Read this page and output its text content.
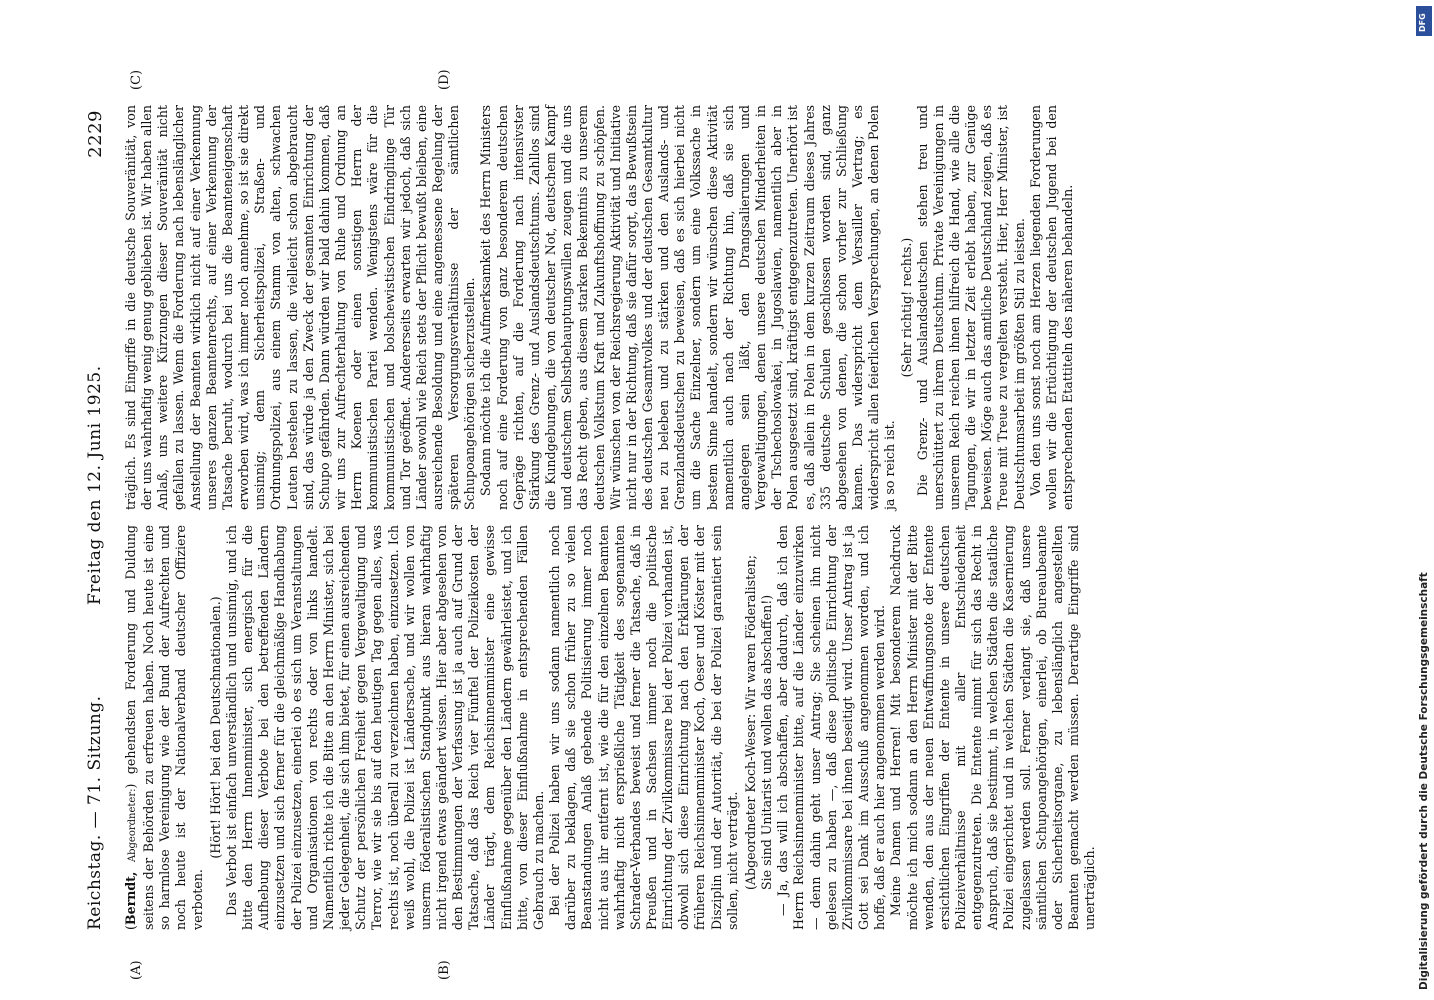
Reichstag. — 71. Sitzung.
Freitag den 12. Juni 1925.
2229
(A)	(B)
(C)	(D)

(Berndt, Abgeordneter:) gehendsten Forderung und Duldung seitens der Behörden zu erfreuen haben. Noch heute ist eine so harmlose Vereinigung wie der Bund der Aufrechten und noch heute ist der Nationalverband deutscher Offiziere verboten.

(Hört! Hört! bei den Deutschnationalen.) Das Verbot ist einfach unverständlich und unsinnig, und ich bitte den Herrn Innenminister, sich energisch für die Aufhebung dieser Verbote bei den betreffenden Ländern einzusetzen und sich ferner für die gleichmäßige Handhabung der Polizei einzusetzen, einerlei ob es sich um Veranstaltungen und Organisationen von rechts oder von links handelt. Namentlich richte ich die Bitte an den Herrn Minister, sich bei jeder Gelegenheit, die sich ihm bietet, für einen ausreichenden Schutz der persönlichen Freiheit gegen Vergewaltigung und Terror, wie wir sie bis auf den heutigen Tag gegen alles, was rechts ist, noch überall zu verzeichnen haben, einzusetzen. Ich weiß wohl, die Polizei ist Ländersache, und wir wollen von unserm föderalistischen Standpunkt aus hieran wahrhaftig nicht irgend etwas geändert wissen. Hier aber abgesehen von den Bestimmungen der Verfassung ist ja auch auf Grund der Tatsache, daß das Reich vier Fünftel der Polizeikosten der Länder trägt, dem Reichsinnenminister eine gewisse Einflußnahme gegenüber den Ländern gewährleistet, und ich bitte, von dieser Einflußnahme in entsprechenden Fällen Gebrauch zu machen. Bei der Polizei haben wir uns sodann namentlich noch darüber zu beklagen, daß sie schon früher zu so vielen Beanstandungen Anlaß gebende Politisierung immer noch nicht aus ihr entfernt ist, wie die für den einzelnen Beamten wahrhaftig nicht ersprießliche Tätigkeit des sogenannten Schrader-Verbandes beweist und ferner die Tatsache, daß in Preußen und in Sachsen immer noch die politische Einrichtung der Zivilkommissare bei der Polizei vorhanden ist, obwohl sich diese Einrichtung nach den Erklärungen der früheren Reichsinnenminister Koch, Oeser und Köster mit der Disziplin und der Autorität, die bei der Polizei garantiert sein sollen, nicht verträgt. (Abgeordneter Koch-Weser: Wir waren Föderalisten; Sie sind Unitarist und wollen das abschaffen!) — Ja, das will ich abschaffen, aber dadurch, daß ich den Herrn Reichsinnenminister bitte, auf die Länder einzuwirken — denn dahin geht unser Antrag; Sie scheinen ihn nicht gelesen zu haben —, daß diese politische Einrichtung der Zivilkommissare bei ihnen beseitigt wird. Unser Antrag ist ja Gott sei Dank im Ausschuß angenommen worden, und ich hoffe, daß er auch hier angenommen werden wird. Meine Damen und Herren! Mit besonderem Nachdruck möchte ich mich sodann an den Herrn Minister mit der Bitte wenden, den aus der neuen Entwaffnungsnote der Entente ersichtlichen Eingriffen der Entente in unsere deutschen Polizeiverhältnisse mit aller Entschiedenheit entgegenzutreten. Die Entente nimmt für sich das Recht in Anspruch, daß sie bestimmt, in welchen Städten die staatliche Polizei eingerichtet und in welchen Städten die Kasernierung zugelassen werden soll. Ferner verlangt sie, daß unsere sämtlichen Schupoangehörigen, einerlei, ob Bureaubeamte oder Sicherheitsorgane, zu lebenslänglich angestellten Beamten gemacht werden müssen. Derartige Eingriffe sind unerträglich.

träglich. Es sind Eingriffe in die deutsche Souveränität, von der uns wahrhaftig wenig genug geblieben ist. Wir haben allen Anlaß, uns weitere Kürzungen dieser Souveränität nicht gefallen zu lassen. Wenn die Forderung nach lebenslänglicher Anstellung der Beamten wirklich nicht auf einer Verkennung unseres ganzen Beamtenrechts, auf einer Verkennung der Tatsache beruht, wodurch bei uns die Beamteneigenschaft erworben wird, was ich immer noch annehme, so ist sie direkt unsinnig; denn Sicherheitspolizei, Straßen- und Ordnungspolizei, aus einem Stamm von alten, schwachen Leuten bestehen zu lassen, die vielleicht schon abgebraucht sind, das würde ja den Zweck der gesamten Einrichtung der Schupo gefährden. Dann würden wir bald dahin kommen, daß wir uns zur Aufrechterhaltung von Ruhe und Ordnung an Herrn Koenen oder einen sonstigen Herrn der kommunistischen Partei wenden. Wenigstens wäre für die kommunistischen und bolschewistischen Eindringlinge Tür und Tor geöffnet. Andererseits erwarten wir jedoch, daß sich Länder sowohl wie Reich stets der Pflicht bewußt bleiben, eine ausreichende Besoldung und eine angemessene Regelung der späteren Versorgungsverhältnisse der sämtlichen Schupoangehörigen sicherzustellen. Sodann möchte ich die Aufmerksamkeit des Herrn Ministers noch auf eine Forderung von ganz besonderem deutschen Gepräge richten, auf die Forderung nach intensivster Stärkung des Grenz- und Auslandsdeutschtums. Zahllos sind die Kundgebungen, die von deutscher Not, deutschem Kampf und deutschem Selbstbehauptungswillen zeugen und die uns das Recht geben, aus diesem starken Bekenntnis zu unserem deutschen Volkstum Kraft und Zukunftshoffnung zu schöpfen. Wir wünschen von der Reichsregierung Aktivität und Initiative nicht nur in der Richtung, daß sie dafür sorgt, das Bewußtsein des deutschen Gesamtvolkes und der deutschen Gesamtkultur neu zu beleben und zu stärken und den Auslands- und Grenzlandsdeutschen zu beweisen, daß es sich hierbei nicht um die Sache Einzelner, sondern um eine Volkssache in bestem Sinne handelt, sondern wir wünschen diese Aktivität namentlich auch nach der Richtung hin, daß sie sich angelegen sein läßt, den Drangsalierungen und Vergewaltigungen, denen unsere deutschen Minderheiten in der Tschechoslowakei, in Jugoslawien, namentlich aber in Polen ausgesetzt sind, kräftigst entgegenzutreten. Unerhört ist es, daß allein in Polen in dem kurzen Zeitraum dieses Jahres 335 deutsche Schulen geschlossen worden sind, ganz abgesehen von denen, die schon vorher zur Schließung kamen. Das widerspricht dem Versailler Vertrag; es widerspricht allen feierlichen Versprechungen, an denen Polen ja so reich ist.

(Sehr richtig! rechts.) Die Grenz- und Auslandsdeutschen stehen treu und unerschüttert zu ihrem Deutschtum. Private Vereinigungen in unserem Reich reichen ihnen hilfreich die Hand, wie alle die Tagungen, die wir in letzter Zeit erlebt haben, zur Genüge beweisen. Möge auch das amtliche Deutschland zeigen, daß es Treue mit Treue zu vergelten versteht. Hier, Herr Minister, ist Deutschtumsarbeit im größten Stil zu leisten. Von den uns sonst noch am Herzen liegenden Forderungen wollen wir die Ertüchtigung der deutschen Jugend bei den entsprechenden Etattiteln des näheren behandeln.

DFG
Digitalisierung gefördert durch die Deutsche Forschungsgemeinschaft
